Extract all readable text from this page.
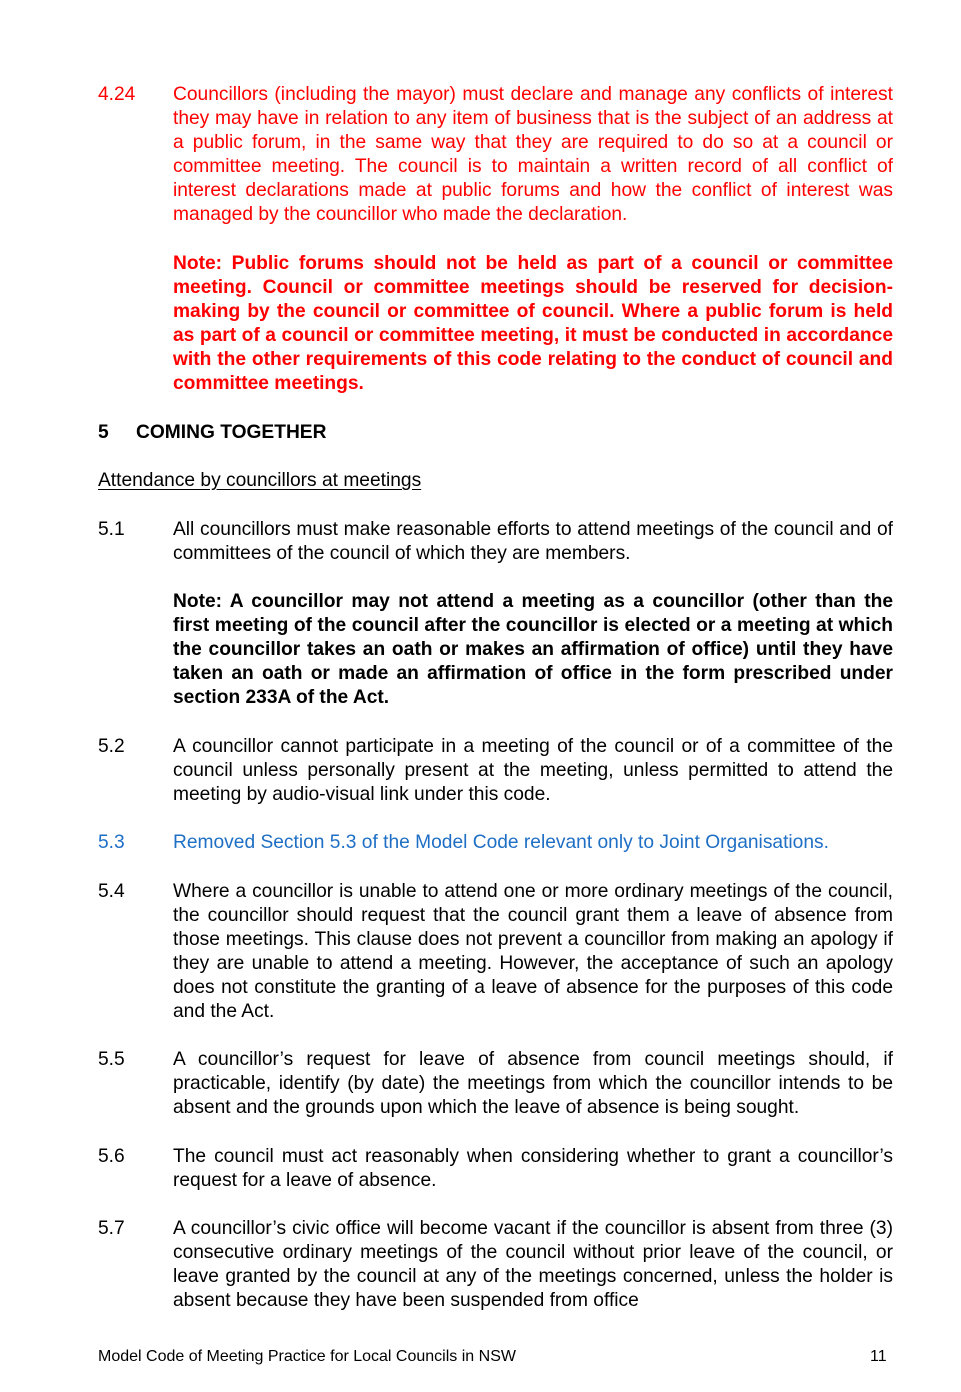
4.24 Councillors (including the mayor) must declare and manage any conflicts of interest they may have in relation to any item of business that is the subject of an address at a public forum, in the same way that they are required to do so at a council or committee meeting. The council is to maintain a written record of all conflict of interest declarations made at public forums and how the conflict of interest was managed by the councillor who made the declaration.
Note: Public forums should not be held as part of a council or committee meeting. Council or committee meetings should be reserved for decision-making by the council or committee of council. Where a public forum is held as part of a council or committee meeting, it must be conducted in accordance with the other requirements of this code relating to the conduct of council and committee meetings.
5 COMING TOGETHER
Attendance by councillors at meetings
5.1	All councillors must make reasonable efforts to attend meetings of the council and of committees of the council of which they are members.
Note: A councillor may not attend a meeting as a councillor (other than the first meeting of the council after the councillor is elected or a meeting at which the councillor takes an oath or makes an affirmation of office) until they have taken an oath or made an affirmation of office in the form prescribed under section 233A of the Act.
5.2	A councillor cannot participate in a meeting of the council or of a committee of the council unless personally present at the meeting, unless permitted to attend the meeting by audio-visual link under this code.
5.3	Removed Section 5.3 of the Model Code relevant only to Joint Organisations.
5.4	Where a councillor is unable to attend one or more ordinary meetings of the council, the councillor should request that the council grant them a leave of absence from those meetings. This clause does not prevent a councillor from making an apology if they are unable to attend a meeting. However, the acceptance of such an apology does not constitute the granting of a leave of absence for the purposes of this code and the Act.
5.5	A councillor’s request for leave of absence from council meetings should, if practicable, identify (by date) the meetings from which the councillor intends to be absent and the grounds upon which the leave of absence is being sought.
5.6	The council must act reasonably when considering whether to grant a councillor’s request for a leave of absence.
5.7	A councillor’s civic office will become vacant if the councillor is absent from three (3) consecutive ordinary meetings of the council without prior leave of the council, or leave granted by the council at any of the meetings concerned, unless the holder is absent because they have been suspended from office
Model Code of Meeting Practice for Local Councils in NSW	11
